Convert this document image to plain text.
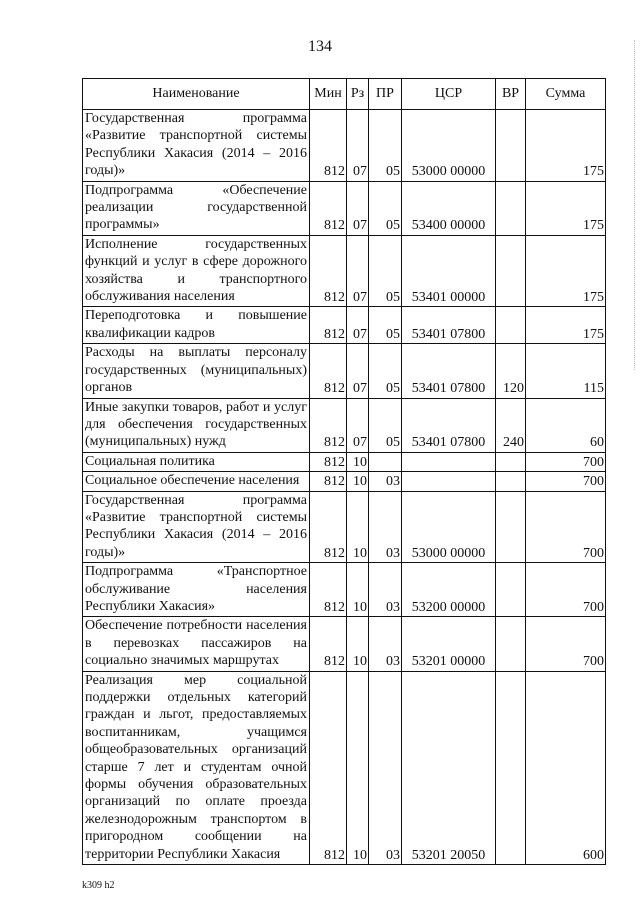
134
Наименование	Мин	Рз	ПР	ЦСР	ВР	Сумма
Государственная программа «Развитие транспортной системы Республики Хакасия (2014 – 2016 годы)»	812	07	05	53000 00000		175
Подпрограмма «Обеспечение реализации государственной программы»	812	07	05	53400 00000		175
Исполнение государственных функций и услуг в сфере дорожного хозяйства и транспортного обслуживания населения	812	07	05	53401 00000		175
Переподготовка и повышение квалификации кадров	812	07	05	53401 07800		175
Расходы на выплаты персоналу государственных (муниципальных) органов	812	07	05	53401 07800	120	115
Иные закупки товаров, работ и услуг для обеспечения государственных (муниципальных) нужд	812	07	05	53401 07800	240	60
Социальная политика	812	10				700
Социальное обеспечение населения	812	10	03			700
Государственная программа «Развитие транспортной системы Республики Хакасия (2014 – 2016 годы)»	812	10	03	53000 00000		700
Подпрограмма «Транспортное обслуживание населения Республики Хакасия»	812	10	03	53200 00000		700
Обеспечение потребности населения в перевозках пассажиров на социально значимых маршрутах	812	10	03	53201 00000		700
Реализация мер социальной поддержки отдельных категорий граждан и льгот, предоставляемых воспитанникам, учащимся общеобразовательных организаций старше 7 лет и студентам очной формы обучения образовательных организаций по оплате проезда железнодорожным транспортом в пригородном сообщении на территории Республики Хакасия	812	10	03	53201 20050		600
k309 h2
